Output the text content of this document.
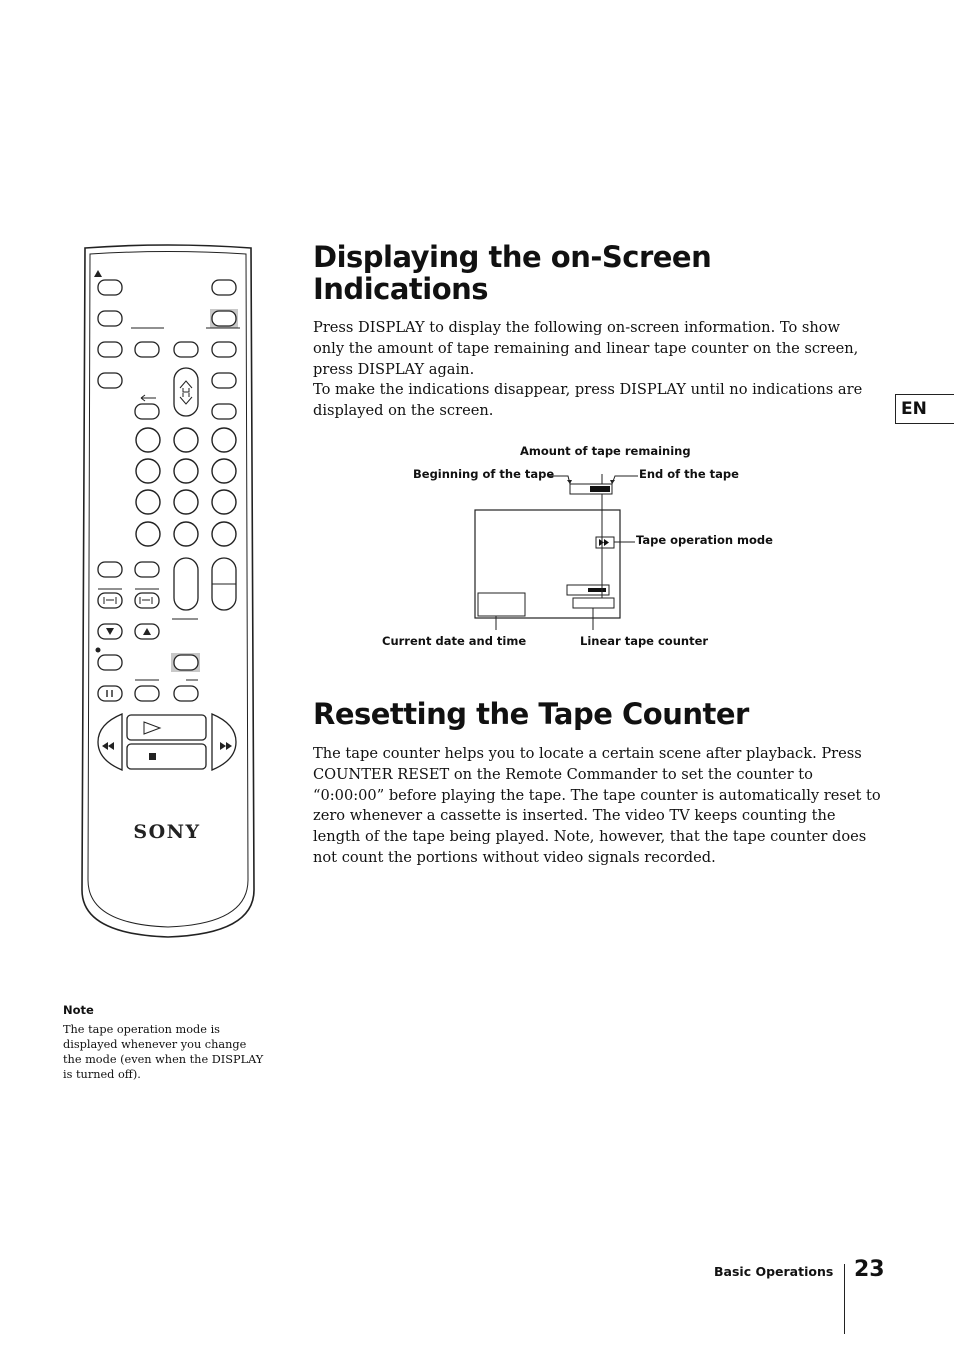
SONY
Displaying the on-Screen
Indications

Press DISPLAY to display the following on-screen information. To show
only the amount of tape remaining and linear tape counter on the screen,
press DISPLAY again.
To make the indications disappear, press DISPLAY until no indications are
displayed on the screen.	EN
Amount of tape remaining
Beginning of the tape	End of the tape
Tape operation mode
Current date and time	Linear tape counter
Resetting the Tape Counter

The tape counter helps you to locate a certain scene after playback. Press
COUNTER RESET on the Remote Commander to set the counter to
“0:00:00” before playing the tape. The tape counter is automatically reset to
zero whenever a cassette is inserted. The video TV keeps counting the
length of the tape being played. Note, however, that the tape counter does
not count the portions without video signals recorded.

Note
The tape operation mode is
displayed whenever you change
the mode (even when the DISPLAY
is turned off).
Basic Operations 23
